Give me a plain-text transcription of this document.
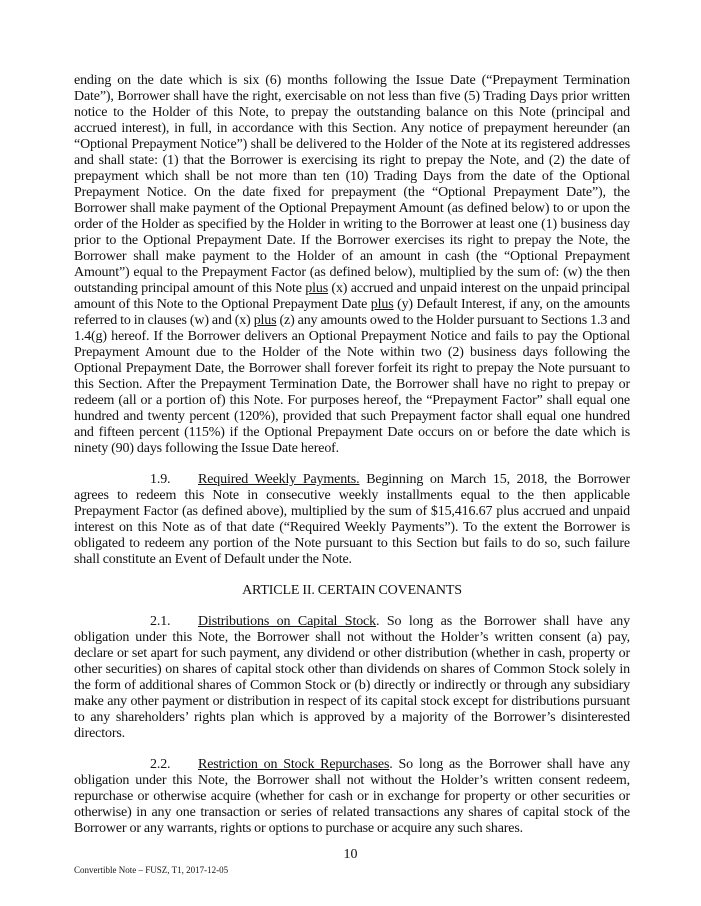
ending on the date which is six (6) months following the Issue Date (“Prepayment Termination Date”), Borrower shall have the right, exercisable on not less than five (5) Trading Days prior written notice to the Holder of this Note, to prepay the outstanding balance on this Note (principal and accrued interest), in full, in accordance with this Section. Any notice of prepayment hereunder (an “Optional Prepayment Notice”) shall be delivered to the Holder of the Note at its registered addresses and shall state: (1) that the Borrower is exercising its right to prepay the Note, and (2) the date of prepayment which shall be not more than ten (10) Trading Days from the date of the Optional Prepayment Notice. On the date fixed for prepayment (the “Optional Prepayment Date”), the Borrower shall make payment of the Optional Prepayment Amount (as defined below) to or upon the order of the Holder as specified by the Holder in writing to the Borrower at least one (1) business day prior to the Optional Prepayment Date. If the Borrower exercises its right to prepay the Note, the Borrower shall make payment to the Holder of an amount in cash (the “Optional Prepayment Amount”) equal to the Prepayment Factor (as defined below), multiplied by the sum of: (w) the then outstanding principal amount of this Note plus (x) accrued and unpaid interest on the unpaid principal amount of this Note to the Optional Prepayment Date plus (y) Default Interest, if any, on the amounts referred to in clauses (w) and (x) plus (z) any amounts owed to the Holder pursuant to Sections 1.3 and 1.4(g) hereof. If the Borrower delivers an Optional Prepayment Notice and fails to pay the Optional Prepayment Amount due to the Holder of the Note within two (2) business days following the Optional Prepayment Date, the Borrower shall forever forfeit its right to prepay the Note pursuant to this Section. After the Prepayment Termination Date, the Borrower shall have no right to prepay or redeem (all or a portion of) this Note. For purposes hereof, the “Prepayment Factor” shall equal one hundred and twenty percent (120%), provided that such Prepayment factor shall equal one hundred and fifteen percent (115%) if the Optional Prepayment Date occurs on or before the date which is ninety (90) days following the Issue Date hereof.

1.9. Required Weekly Payments. Beginning on March 15, 2018, the Borrower agrees to redeem this Note in consecutive weekly installments equal to the then applicable Prepayment Factor (as defined above), multiplied by the sum of $15,416.67 plus accrued and unpaid interest on this Note as of that date (“Required Weekly Payments”). To the extent the Borrower is obligated to redeem any portion of the Note pursuant to this Section but fails to do so, such failure shall constitute an Event of Default under the Note.

ARTICLE II. CERTAIN COVENANTS

2.1. Distributions on Capital Stock. So long as the Borrower shall have any obligation under this Note, the Borrower shall not without the Holder’s written consent (a) pay, declare or set apart for such payment, any dividend or other distribution (whether in cash, property or other securities) on shares of capital stock other than dividends on shares of Common Stock solely in the form of additional shares of Common Stock or (b) directly or indirectly or through any subsidiary make any other payment or distribution in respect of its capital stock except for distributions pursuant to any shareholders’ rights plan which is approved by a majority of the Borrower’s disinterested directors.

2.2. Restriction on Stock Repurchases. So long as the Borrower shall have any obligation under this Note, the Borrower shall not without the Holder’s written consent redeem, repurchase or otherwise acquire (whether for cash or in exchange for property or other securities or otherwise) in any one transaction or series of related transactions any shares of capital stock of the Borrower or any warrants, rights or options to purchase or acquire any such shares.

10
Convertible Note – FUSZ, T1, 2017-12-05
